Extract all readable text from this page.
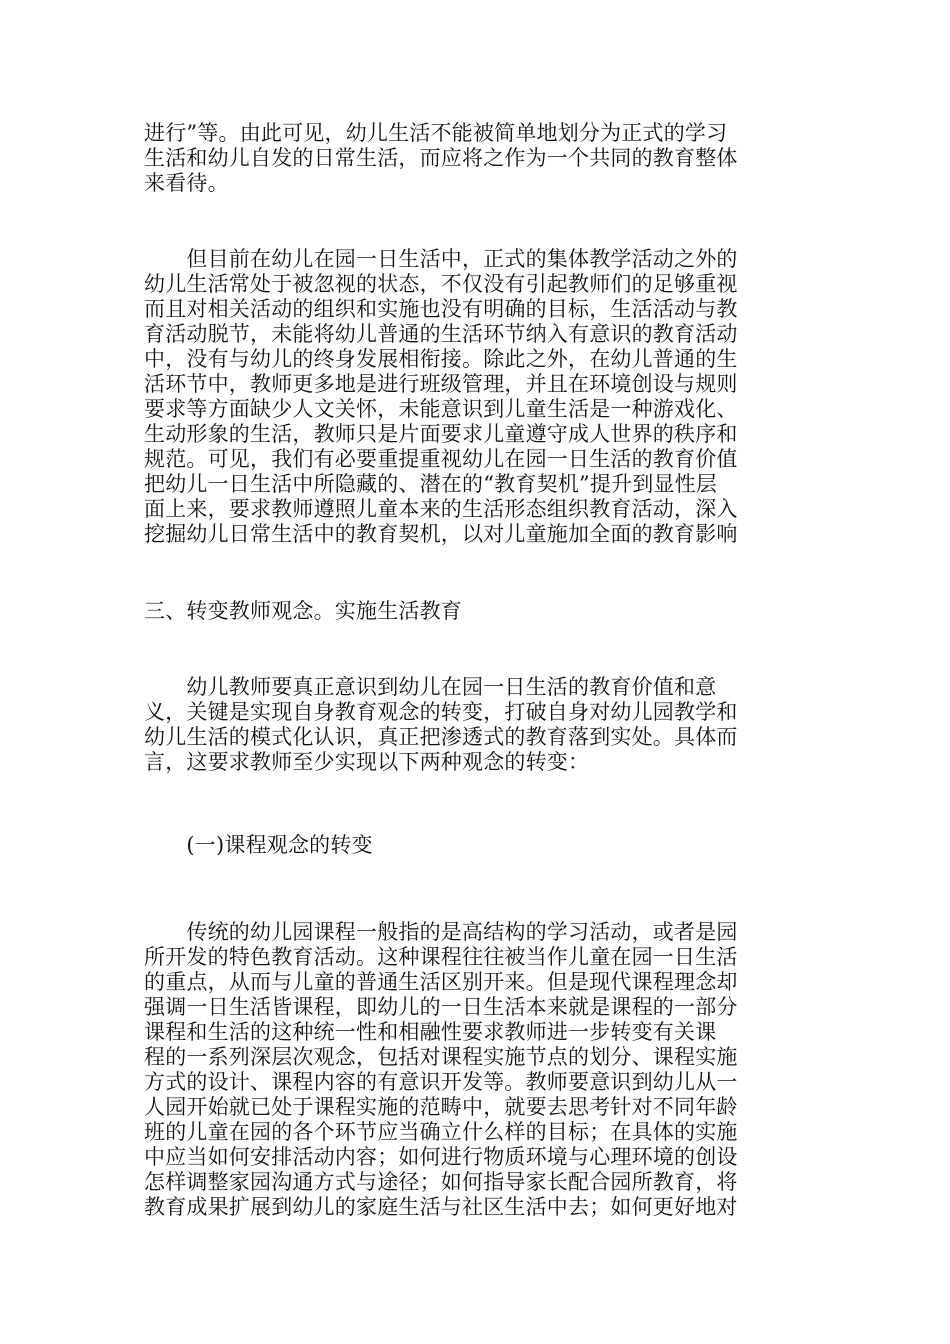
进行”等。由此可见，幼儿生活不能被简单地划分为正式的学习
生活和幼儿自发的日常生活，而应将之作为一个共同的教育整体
来看待。
　　但目前在幼儿在园一日生活中，正式的集体教学活动之外的
幼儿生活常处于被忽视的状态，不仅没有引起教师们的足够重视
而且对相关活动的组织和实施也没有明确的目标，生活活动与教
育活动脱节，未能将幼儿普通的生活环节纳入有意识的教育活动
中，没有与幼儿的终身发展相衔接。除此之外，在幼儿普通的生
活环节中，教师更多地是进行班级管理，并且在环境创设与规则
要求等方面缺少人文关怀，未能意识到儿童生活是一种游戏化、
生动形象的生活，教师只是片面要求儿童遵守成人世界的秩序和
规范。可见，我们有必要重提重视幼儿在园一日生活的教育价值
把幼儿一日生活中所隐藏的、潜在的“教育契机”提升到显性层
面上来，要求教师遵照儿童本来的生活形态组织教育活动，深入
挖掘幼儿日常生活中的教育契机，以对儿童施加全面的教育影响
三、转变教师观念。实施生活教育
　　幼儿教师要真正意识到幼儿在园一日生活的教育价值和意
义，关键是实现自身教育观念的转变，打破自身对幼儿园教学和
幼儿生活的模式化认识，真正把渗透式的教育落到实处。具体而
言，这要求教师至少实现以下两种观念的转变：
　　(一)课程观念的转变
　　传统的幼儿园课程一般指的是高结构的学习活动，或者是园
所开发的特色教育活动。这种课程往往被当作儿童在园一日生活
的重点，从而与儿童的普通生活区别开来。但是现代课程理念却
强调一日生活皆课程，即幼儿的一日生活本来就是课程的一部分
课程和生活的这种统一性和相融性要求教师进一步转变有关课
程的一系列深层次观念，包括对课程实施节点的划分、课程实施
方式的设计、课程内容的有意识开发等。教师要意识到幼儿从一
人园开始就已处于课程实施的范畴中，就要去思考针对不同年龄
班的儿童在园的各个环节应当确立什么样的目标；在具体的实施
中应当如何安排活动内容；如何进行物质环境与心理环境的创设
怎样调整家园沟通方式与途径；如何指导家长配合园所教育，将
教育成果扩展到幼儿的家庭生活与社区生活中去；如何更好地对
